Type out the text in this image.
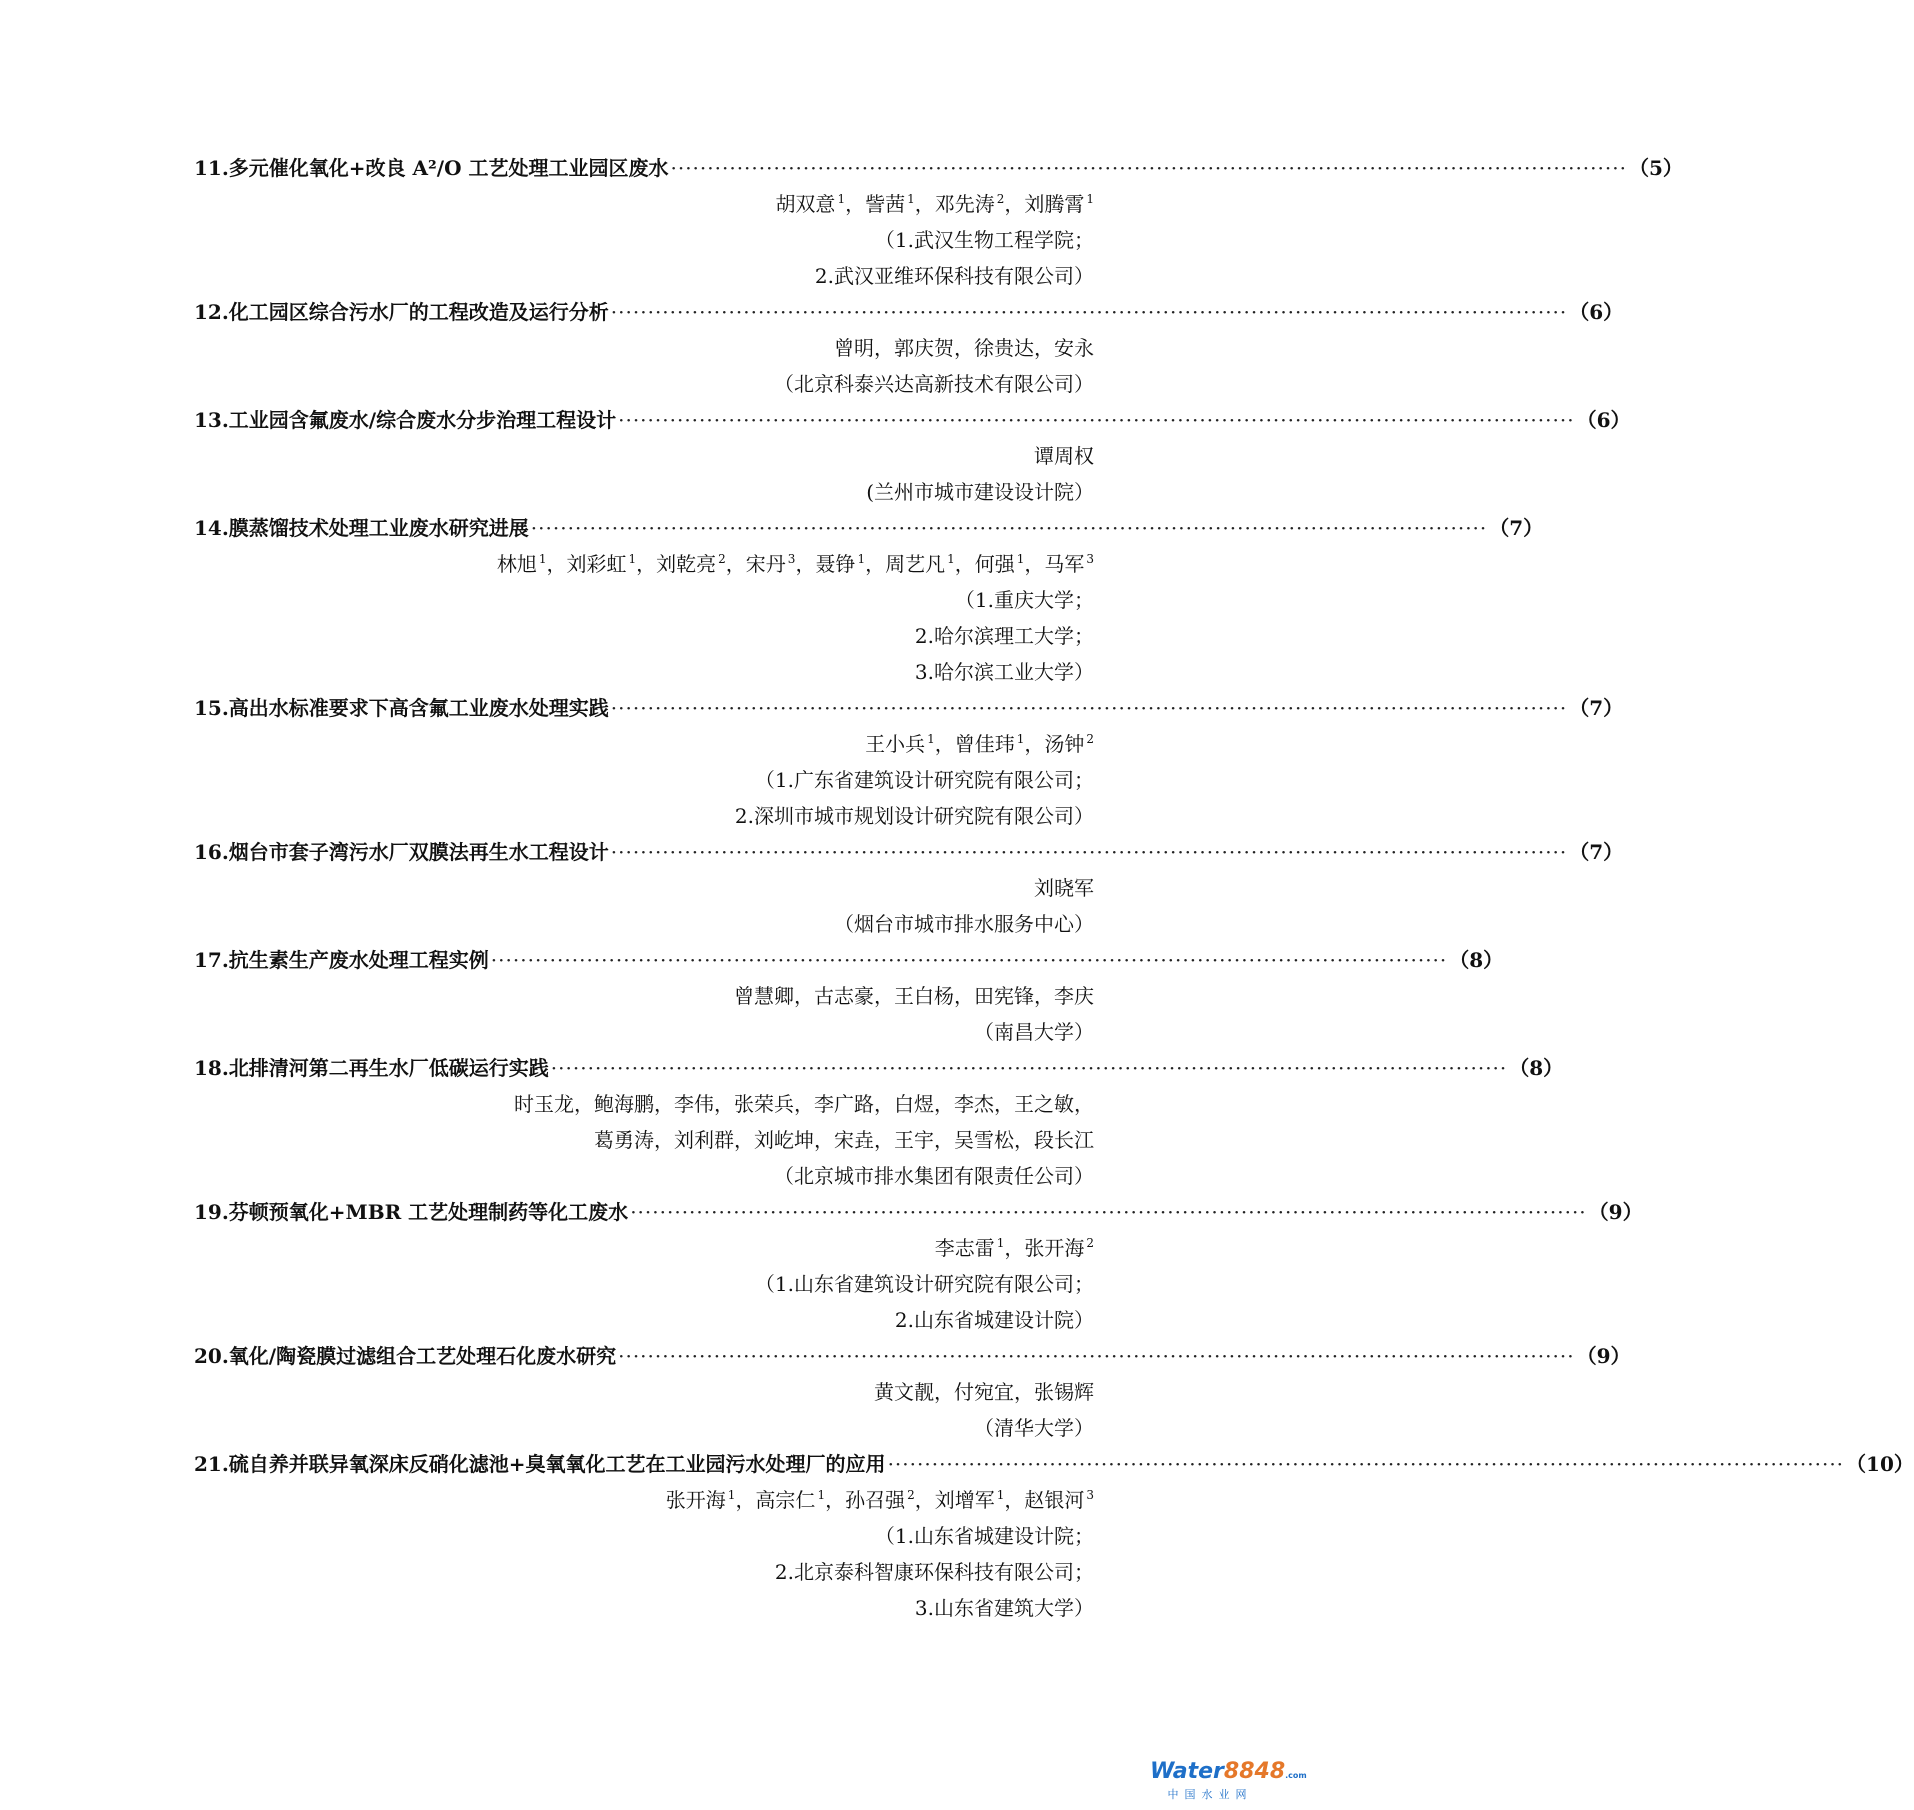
11. 多元催化氧化+改良 A²/O 工艺处理工业园区废水 ·································································································································· （5）
胡双意 $^1$，訾茜 $^1$，邓先涛 $^2$，刘腾霄 $^1$
（1.武汉生物工程学院；
2.武汉亚维环保科技有限公司）
12. 化工园区综合污水厂的工程改造及运行分析 ·································································································································· （6）
曾明，郭庆贺，徐贵达，安永
（北京科泰兴达高新技术有限公司）
13. 工业园含氟废水/综合废水分步治理工程设计 ·································································································································· （6）
谭周权
(兰州市城市建设设计院）
14. 膜蒸馏技术处理工业废水研究进展 ·································································································································· （7）
林旭 $^1$，刘彩虹 $^1$，刘乾亮 $^2$，宋丹 $^3$，聂铮 $^1$，周艺凡 $^1$，何强 $^1$，马军 $^3$
（1.重庆大学；
2.哈尔滨理工大学；
3.哈尔滨工业大学）
15. 高出水标准要求下高含氟工业废水处理实践 ·································································································································· （7）
王小兵 $^1$，曾佳玮 $^1$，汤钟 $^2$
（1.广东省建筑设计研究院有限公司；
2.深圳市城市规划设计研究院有限公司）
16. 烟台市套子湾污水厂双膜法再生水工程设计 ·································································································································· （7）
刘晓军
（烟台市城市排水服务中心）
17. 抗生素生产废水处理工程实例 ·································································································································· （8）
曾慧卿，古志豪，王白杨，田宪锋，李庆
（南昌大学）
18. 北排清河第二再生水厂低碳运行实践 ·································································································································· （8）
时玉龙，鲍海鹏，李伟，张荣兵，李广路，白煜，李杰，王之敏，
葛勇涛，刘利群，刘屹坤，宋垚，王宇，吴雪松，段长江
（北京城市排水集团有限责任公司）
19. 芬顿预氧化+MBR 工艺处理制药等化工废水 ·································································································································· （9）
李志雷 $^1$，张开海 $^2$
（1.山东省建筑设计研究院有限公司；
2.山东省城建设计院）
20. 氧化/陶瓷膜过滤组合工艺处理石化废水研究 ·································································································································· （9）
黄文靓，付宛宜，张锡辉
（清华大学）
21. 硫自养并联异氧深床反硝化滤池+臭氧氧化工艺在工业园污水处理厂的应用 ·································································································································· （10）
张开海 $^1$，高宗仁 $^1$，孙召强 $^2$，刘增军 $^1$，赵银河 $^3$
（1.山东省城建设计院；
2.北京泰科智康环保科技有限公司；
3.山东省建筑大学）
Water8848.com
中国水业网
